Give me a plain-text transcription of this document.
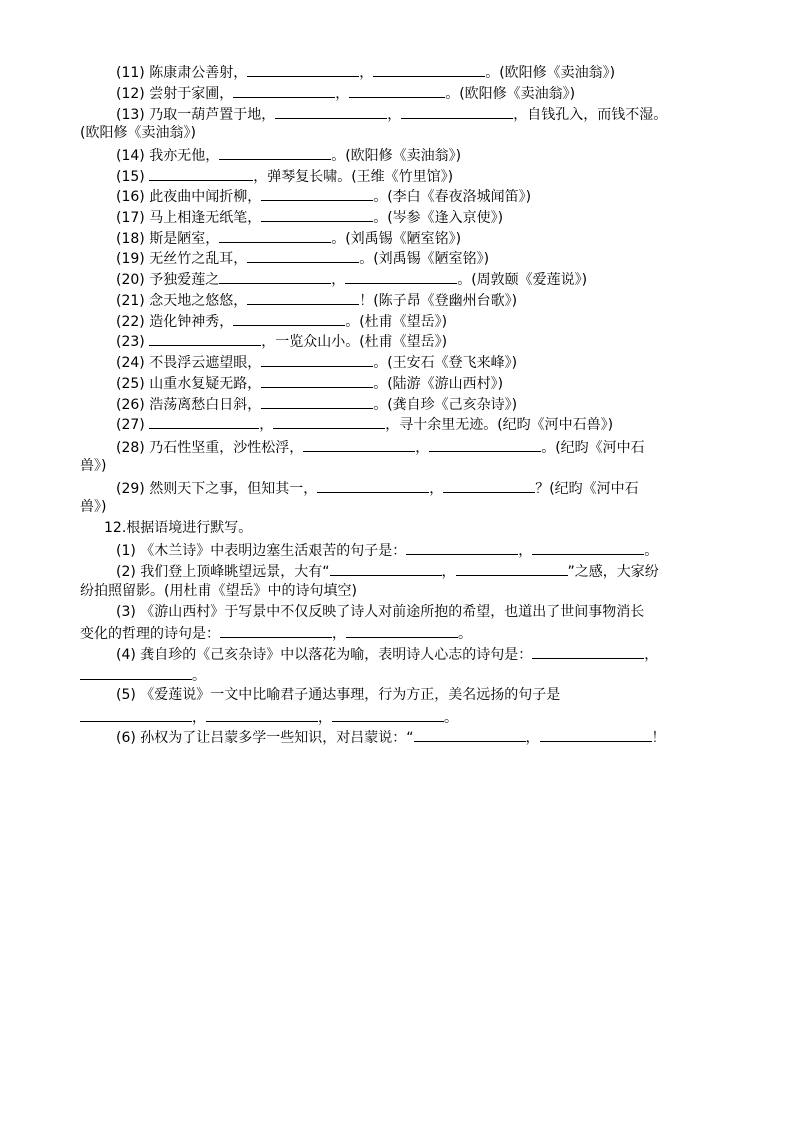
(11) 陈康肃公善射，	，	。(欧阳修《卖油翁》)
(12) 尝射于家圃，	，	。(欧阳修《卖油翁》)
(13) 乃取一葫芦置于地，	，	，自钱孔入，而钱不湿。
(欧阳修《卖油翁》)
(14) 我亦无他，	。(欧阳修《卖油翁》)
(15)	，弹琴复长啸。(王维《竹里馆》)
(16) 此夜曲中闻折柳，	。(李白《春夜洛城闻笛》)
(17) 马上相逢无纸笔，	。(岑参《逢入京使》)
(18) 斯是陋室，	。(刘禹锡《陋室铭》)
(19) 无丝竹之乱耳，	。(刘禹锡《陋室铭》)
(20) 予独爱莲之	，	。(周敦颐《爱莲说》)
(21) 念天地之悠悠，	！(陈子昂《登幽州台歌》)
(22) 造化钟神秀，	。(杜甫《望岳》)
(23)	，一览众山小。(杜甫《望岳》)
(24) 不畏浮云遮望眼，	。(王安石《登飞来峰》)
(25) 山重水复疑无路，	。(陆游《游山西村》)
(26) 浩荡离愁白日斜，	。(龚自珍《己亥杂诗》)
(27)	，	，寻十余里无迹。(纪昀《河中石兽》)
(28) 乃石性坚重，沙性松浮，	，	。(纪昀《河中石
兽》)
(29) 然则天下之事，但知其一，	，	？(纪昀《河中石
兽》)
12.根据语境进行默写。
(1) 《木兰诗》中表明边塞生活艰苦的句子是：	，	。
(2) 我们登上顶峰眺望远景，大有“	，	”之感，大家纷
纷拍照留影。(用杜甫《望岳》中的诗句填空)
(3) 《游山西村》于写景中不仅反映了诗人对前途所抱的希望，也道出了世间事物消长
变化的哲理的诗句是：	，	。
(4) 龚自珍的《己亥杂诗》中以落花为喻，表明诗人心志的诗句是：	，
。
(5) 《爱莲说》一文中比喻君子通达事理，行为方正，美名远扬的句子是
，	，	。
(6) 孙权为了让吕蒙多学一些知识，对吕蒙说：“	，	！
